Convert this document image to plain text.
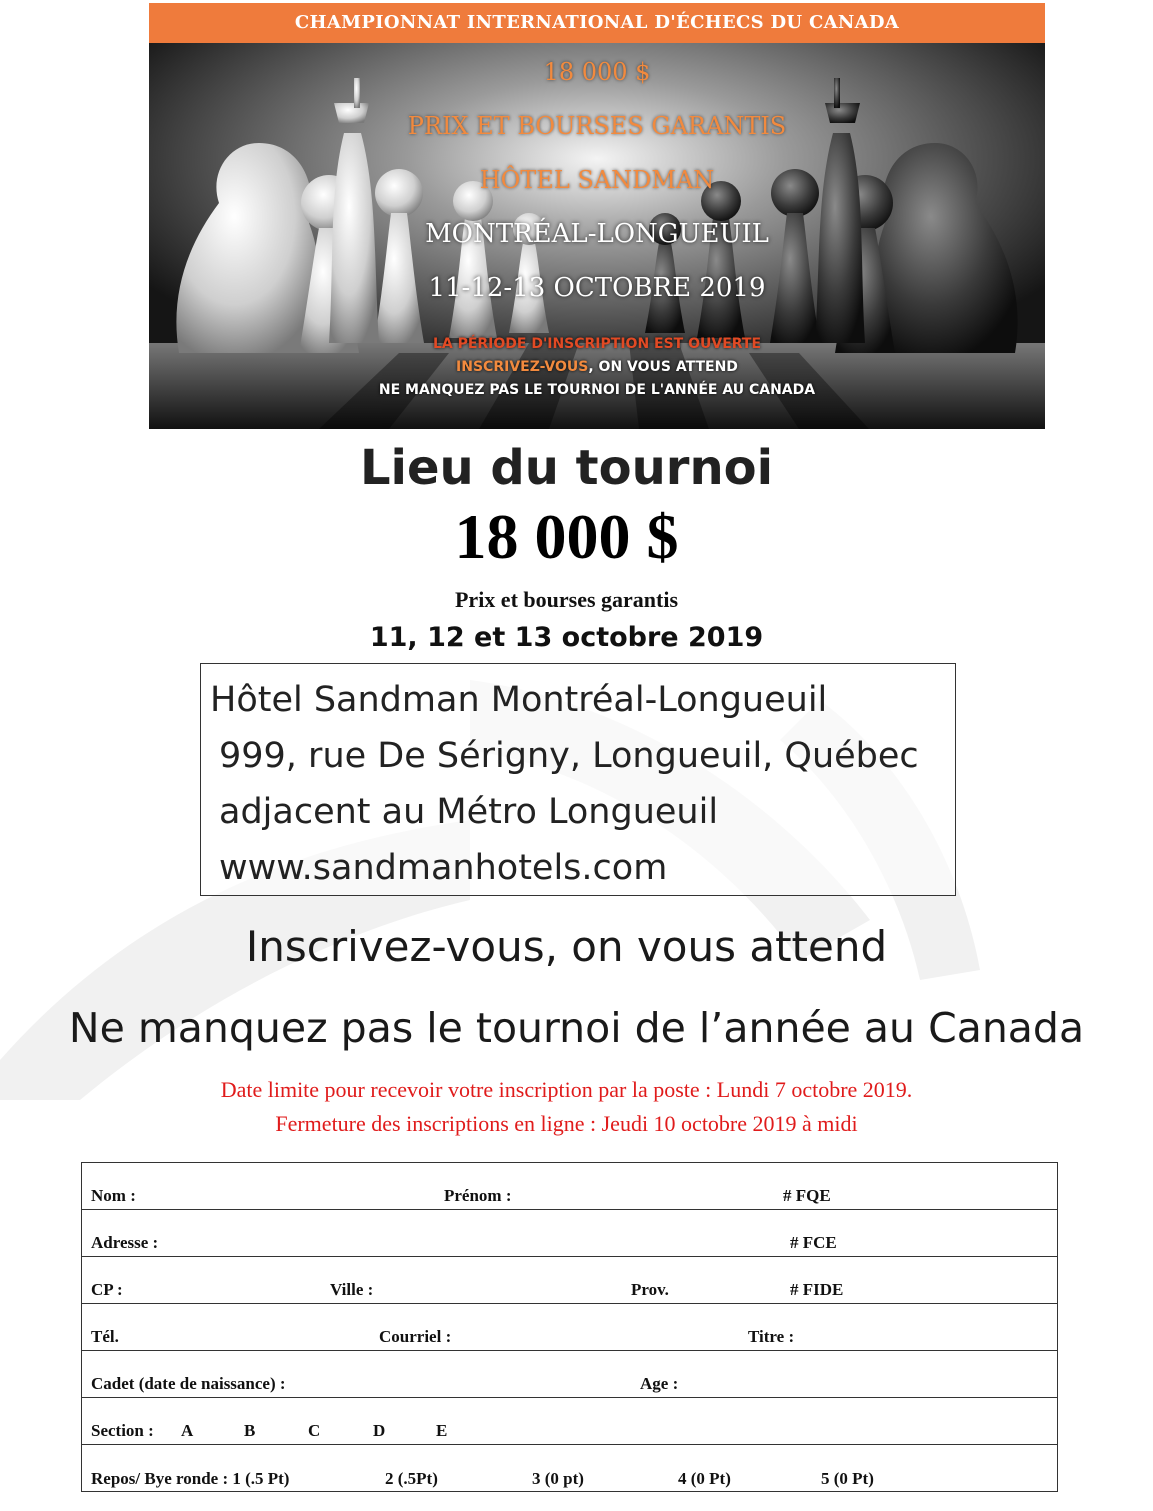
CHAMPIONNAT INTERNATIONAL D'ÉCHECS DU CANADA
18 000 $
PRIX ET BOURSES GARANTIS
HÔTEL SANDMAN
MONTRÉAL-LONGUEUIL
11-12-13 OCTOBRE 2019
LA PÉRIODE D'INSCRIPTION EST OUVERTE
INSCRIVEZ-VOUS, ON VOUS ATTEND
NE MANQUEZ PAS LE TOURNOI DE L'ANNÉE AU CANADA
Lieu du tournoi
18 000 $
Prix et bourses garantis
11, 12 et 13 octobre 2019
Hôtel Sandman Montréal-Longueuil
999, rue De Sérigny, Longueuil, Québec
adjacent au Métro Longueuil
www.sandmanhotels.com
Inscrivez-vous, on vous attend
Ne manquez pas le tournoi de l’année au Canada
Date limite pour recevoir votre inscription par la poste : Lundi 7 octobre 2019.
Fermeture des inscriptions en ligne : Jeudi 10 octobre 2019 à midi
Nom :	Prénom :	# FQE
Adresse :	# FCE
CP :	Ville :	Prov.	# FIDE
Tél.	Courriel :	Titre :
Cadet (date de naissance) :	Age :
Section : A	B	C	D	E
Repos/ Bye ronde : 1 (.5 Pt)	2 (.5Pt)	3 (0 pt)	4 (0 Pt)	5 (0 Pt)
